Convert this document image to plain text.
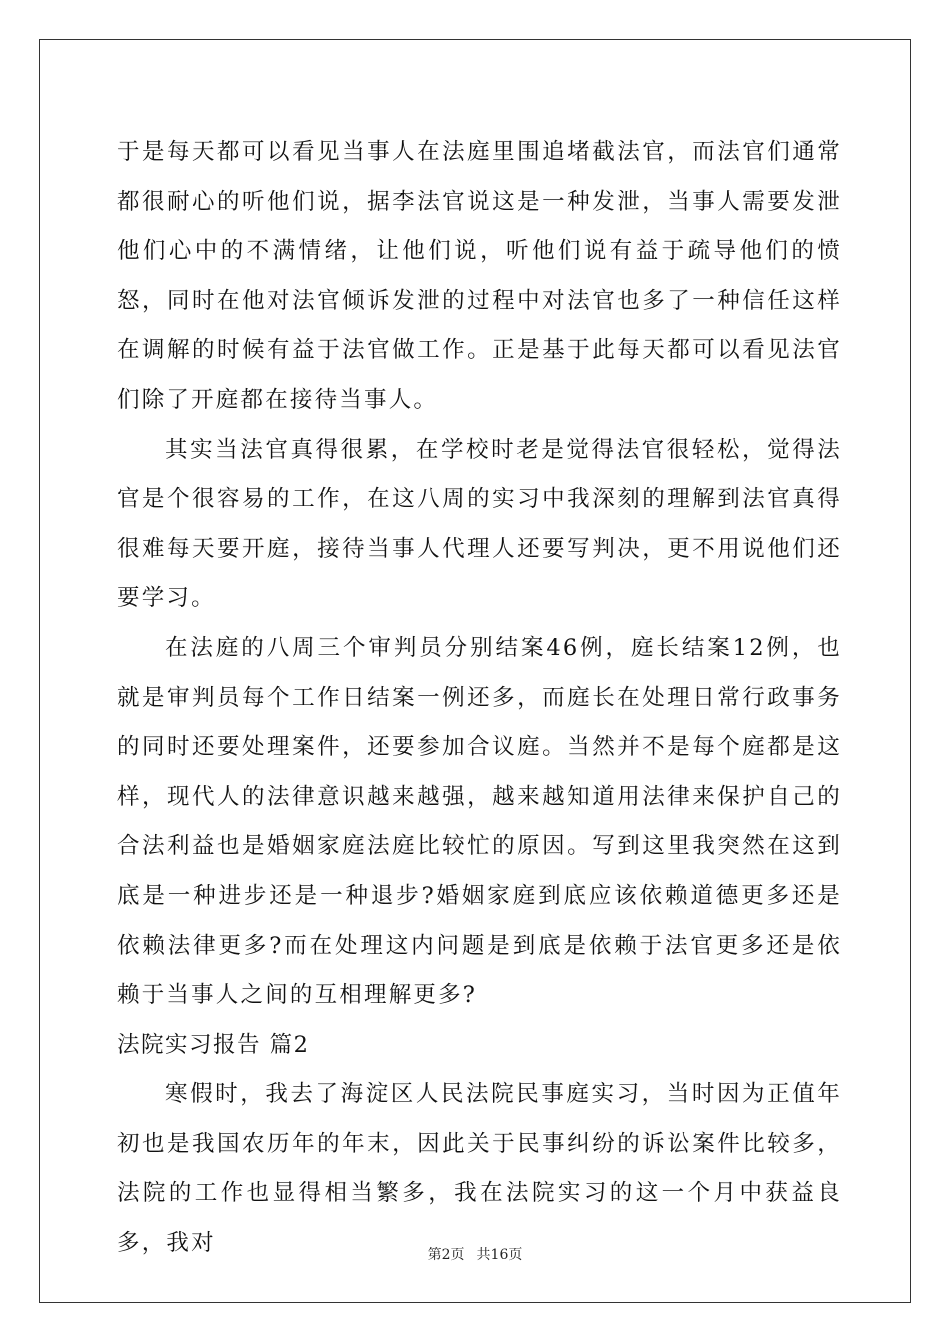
于是每天都可以看见当事人在法庭里围追堵截法官，而法官们通常都很耐心的听他们说，据李法官说这是一种发泄，当事人需要发泄他们心中的不满情绪，让他们说，听他们说有益于疏导他们的愤怒，同时在他对法官倾诉发泄的过程中对法官也多了一种信任这样在调解的时候有益于法官做工作。正是基于此每天都可以看见法官们除了开庭都在接待当事人。

其实当法官真得很累，在学校时老是觉得法官很轻松，觉得法官是个很容易的工作，在这八周的实习中我深刻的理解到法官真得很难每天要开庭，接待当事人代理人还要写判决，更不用说他们还要学习。

在法庭的八周三个审判员分别结案46例，庭长结案12例，也就是审判员每个工作日结案一例还多，而庭长在处理日常行政事务的同时还要处理案件，还要参加合议庭。当然并不是每个庭都是这样，现代人的法律意识越来越强，越来越知道用法律来保护自己的合法利益也是婚姻家庭法庭比较忙的原因。写到这里我突然在这到底是一种进步还是一种退步?婚姻家庭到底应该依赖道德更多还是依赖法律更多?而在处理这内问题是到底是依赖于法官更多还是依赖于当事人之间的互相理解更多?

法院实习报告 篇2

寒假时，我去了海淀区人民法院民事庭实习，当时因为正值年初也是我国农历年的年末，因此关于民事纠纷的诉讼案件比较多，法院的工作也显得相当繁多，我在法院实习的这一个月中获益良多，我对	第2页 共16页
